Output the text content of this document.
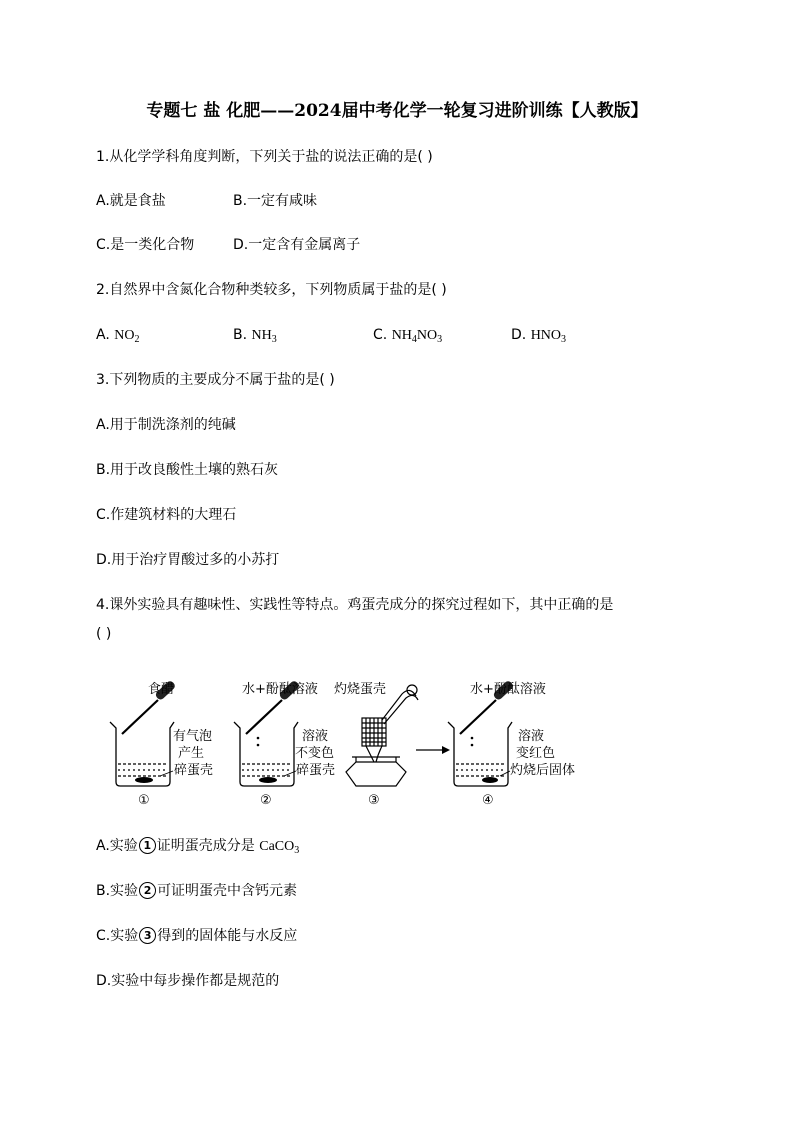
专题七 盐 化肥——2024届中考化学一轮复习进阶训练【人教版】
1.从化学学科角度判断，下列关于盐的说法正确的是( )
A.就是食盐	B.一定有咸味
C.是一类化合物	D.一定含有金属离子
2.自然界中含氮化合物种类较多，下列物质属于盐的是( )
A. $NO_2$	B. $NH_3$	C. $NH_4NO_3$	D. $HNO_3$
3.下列物质的主要成分不属于盐的是( )
A.用于制洗涤剂的纯碱
B.用于改良酸性土壤的熟石灰
C.作建筑材料的大理石
D.用于治疗胃酸过多的小苏打
4.课外实验具有趣味性、实践性等特点。鸡蛋壳成分的探究过程如下，其中正确的是
( )
食醋
有气泡
产生
碎蛋壳
①
水+酚酞溶液
溶液
不变色
碎蛋壳
②
灼烧蛋壳
③
水+酚酞溶液
溶液
变红色
灼烧后固体
④
A.实验 1 证明蛋壳成分是 CaCO$_3$
B.实验 2 可证明蛋壳中含钙元素
C.实验 3 得到的固体能与水反应
D.实验中每步操作都是规范的
